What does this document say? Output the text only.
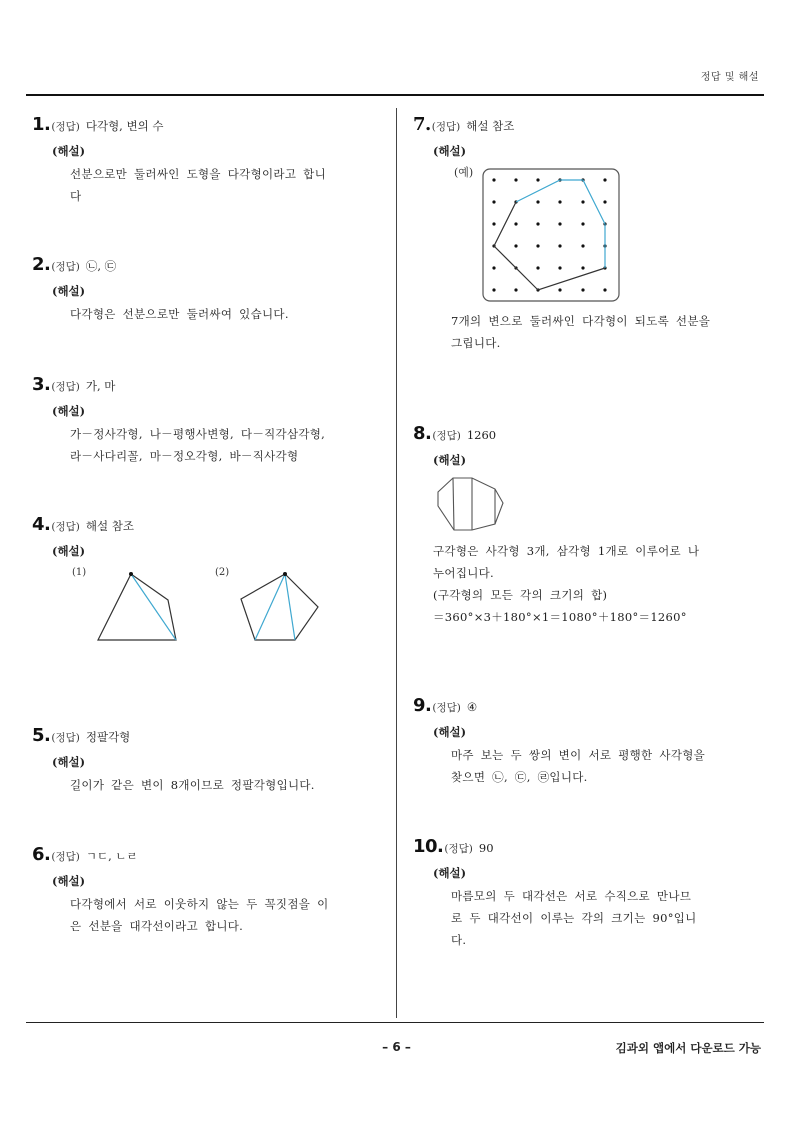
정답 및 해설
– 6 –	김과외 앱에서 다운로드 가능
1. (정답) 다각형, 변의 수
(해설)
선분으로만 둘러싸인 도형을 다각형이라고 합니
다
2. (정답) ㉡, ㉢
(해설)
다각형은 선분으로만 둘러싸여 있습니다.
3. (정답) 가, 마
(해설)
가－정사각형, 나－평행사변형, 다－직각삼각형,
라－사다리꼴, 마－정오각형, 바－직사각형
4. (정답) 해설 참조
(해설)
(1)	(2)
5. (정답) 정팔각형
(해설)
길이가 같은 변이 8개이므로 정팔각형입니다.
6. (정답) ㄱㄷ, ㄴㄹ
(해설)
다각형에서 서로 이웃하지 않는 두 꼭짓점을 이
은 선분을 대각선이라고 합니다.
7. (정답) 해설 참조
(해설)
(예)
7개의 변으로 둘러싸인 다각형이 되도록 선분을
그립니다.
8. (정답) 1260
(해설)
구각형은 사각형 3개, 삼각형 1개로 이루어로 나
누어집니다.
(구각형의 모든 각의 크기의 합)
＝360°×3＋180°×1＝1080°＋180°＝1260°
9. (정답) ④
(해설)
마주 보는 두 쌍의 변이 서로 평행한 사각형을
찾으면 ㉡, ㉢, ㉣입니다.
10. (정답) 90
(해설)
마름모의 두 대각선은 서로 수직으로 만나므
로 두 대각선이 이루는 각의 크기는 90°입니
다.
